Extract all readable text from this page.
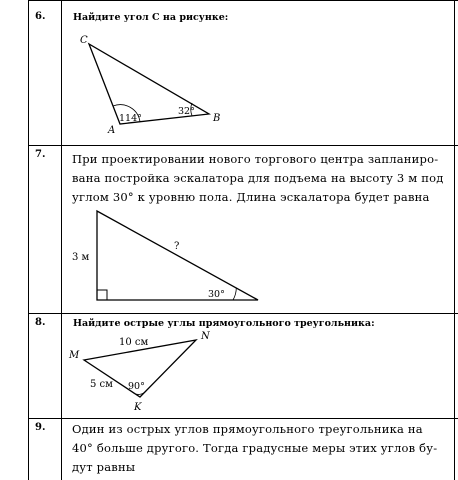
6.	Найдите угол C на рисунке:
C
A
B
114°
32°
7. При проектировании нового торгового центра запланиро-
вана постройка эскалатора для подъема на высоту 3 м под
углом 30° к уровню пола. Длина эскалатора будет равна
3 м
?
30°
8.	Найдите острые углы прямоугольного треугольника:
M
N
K
10 см
5 см 90°
9. Один из острых углов прямоугольного треугольника на
40° больше другого. Тогда градусные меры этих углов бу-
дут равны
